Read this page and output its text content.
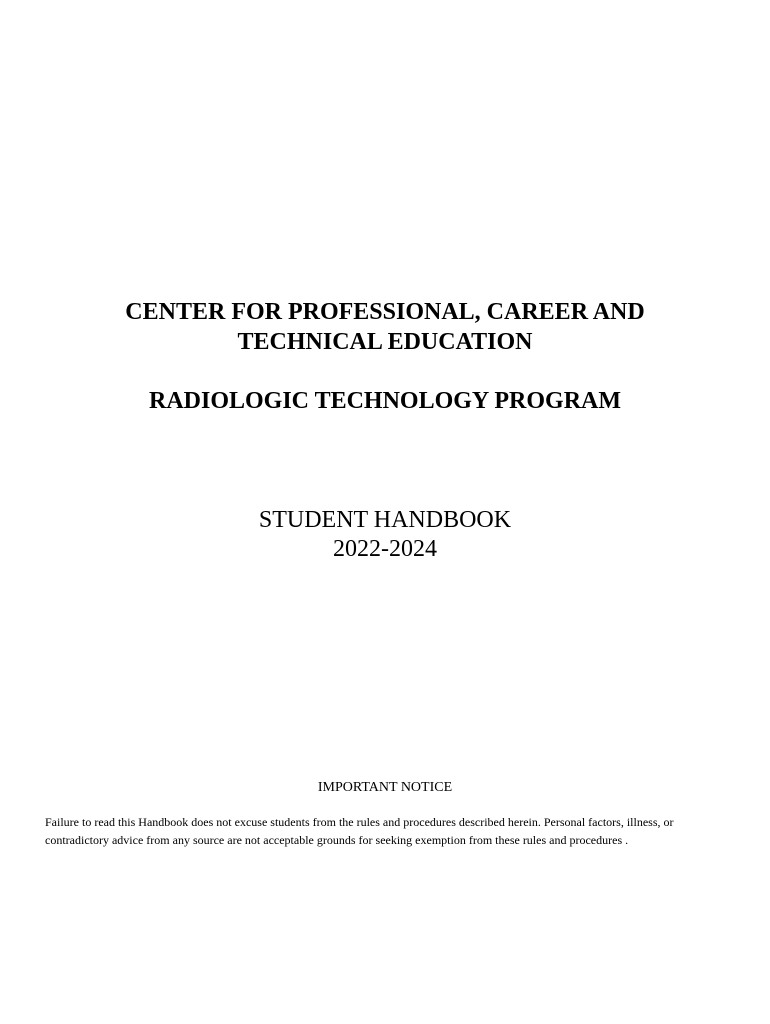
CENTER FOR PROFESSIONAL, CAREER AND
TECHNICAL EDUCATION
RADIOLOGIC TECHNOLOGY PROGRAM
STUDENT HANDBOOK
2022-2024
IMPORTANT NOTICE
Failure to read this Handbook does not excuse students from the rules and procedures described herein. Personal factors, illness, or
contradictory advice from any source are not acceptable grounds for seeking exemption from these rules and procedures .
